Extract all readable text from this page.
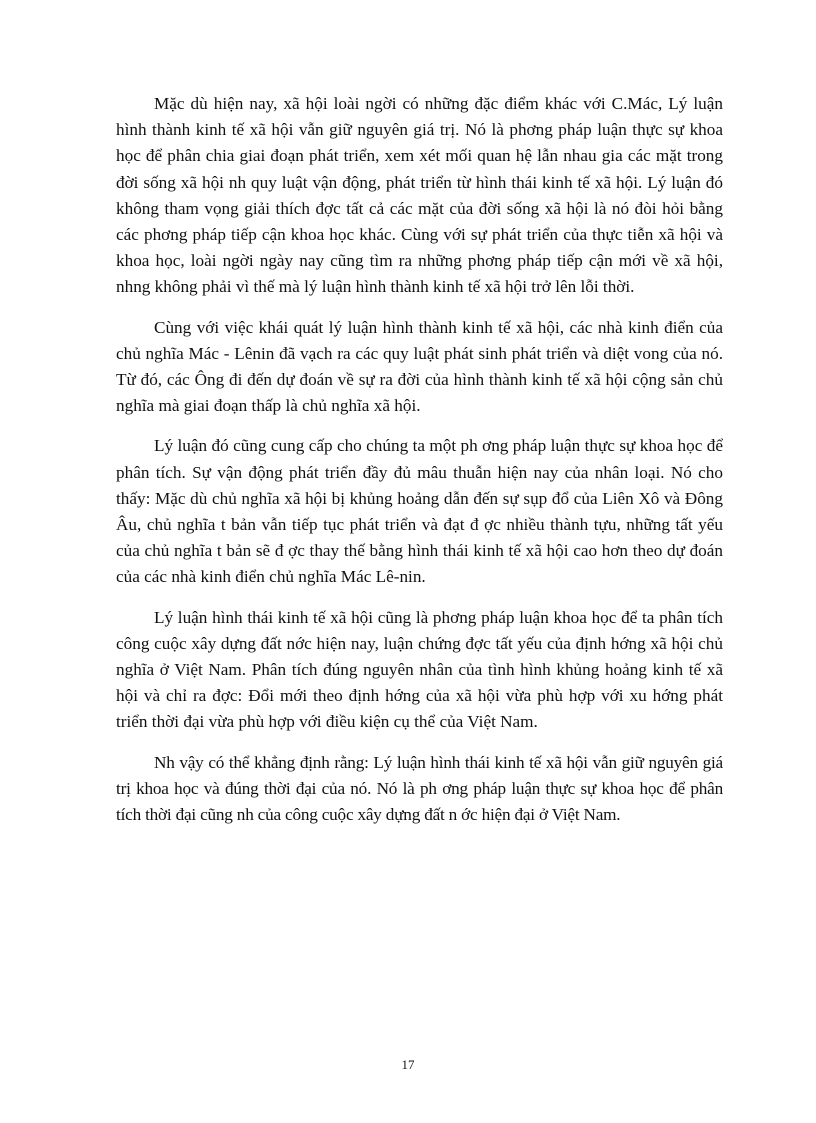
Mặc dù hiện nay, xã hội loài ngời có những đặc điểm khác với C.Mác, Lý luận hình thành kinh tế xã hội vẫn giữ nguyên giá trị. Nó là phơng pháp luận thực sự khoa học để phân chia giai đoạn phát triển, xem xét mối quan hệ lẫn nhau gia các mặt trong đời sống xã hội nh quy luật vận động, phát triển từ hình thái kinh tế xã hội. Lý luận đó không tham vọng giải thích đợc tất cả các mặt của đời sống xã hội là nó đòi hỏi bằng các phơng pháp tiếp cận khoa học khác. Cùng với sự phát triển của thực tiễn xã hội và khoa học, loài ngời ngày nay cũng tìm ra những phơng pháp tiếp cận mới về xã hội, nhng không phải vì thế mà lý luận hình thành kinh tế xã hội trở lên lỗi thời.

Cùng với việc khái quát lý luận hình thành kinh tế xã hội, các nhà kinh điển của chủ nghĩa Mác - Lênin đã vạch ra các quy luật phát sinh phát triển và diệt vong của nó. Từ đó, các Ông đi đến dự đoán về sự ra đời của hình thành kinh tế xã hội cộng sản chủ nghĩa mà giai đoạn thấp là chủ nghĩa xã hội.

Lý luận đó cũng cung cấp cho chúng ta một ph ơng pháp luận thực sự khoa học để phân tích. Sự vận động phát triển đầy đủ mâu thuẫn hiện nay của nhân loại. Nó cho thấy: Mặc dù chủ nghĩa xã hội bị khủng hoảng dẫn đến sự sụp đổ của Liên Xô và Đông Âu, chủ nghĩa t bản vẫn tiếp tục phát triển và đạt đ ợc nhiều thành tựu, những tất yếu của chủ nghĩa t bản sẽ đ ợc thay thế bằng hình thái kinh tế xã hội cao hơn theo dự đoán của các nhà kinh điển chủ nghĩa Mác Lê-nin.

Lý luận hình thái kinh tế xã hội cũng là phơng pháp luận khoa học để ta phân tích công cuộc xây dựng đất nớc hiện nay, luận chứng đợc tất yếu của định hớng xã hội chủ nghĩa ở Việt Nam. Phân tích đúng nguyên nhân của tình hình khủng hoảng kinh tế xã hội và chỉ ra đợc: Đổi mới theo định hớng của xã hội vừa phù hợp với xu hớng phát triển thời đại vừa phù hợp với điều kiện cụ thể của Việt Nam.

Nh vậy có thể khẳng định rằng: Lý luận hình thái kinh tế xã hội vẫn giữ nguyên giá trị khoa học và đúng thời đại của nó. Nó là ph ơng pháp luận thực sự khoa học để phân tích thời đại cũng nh của công cuộc xây dựng đất n ớc hiện đại ở Việt Nam.

17
